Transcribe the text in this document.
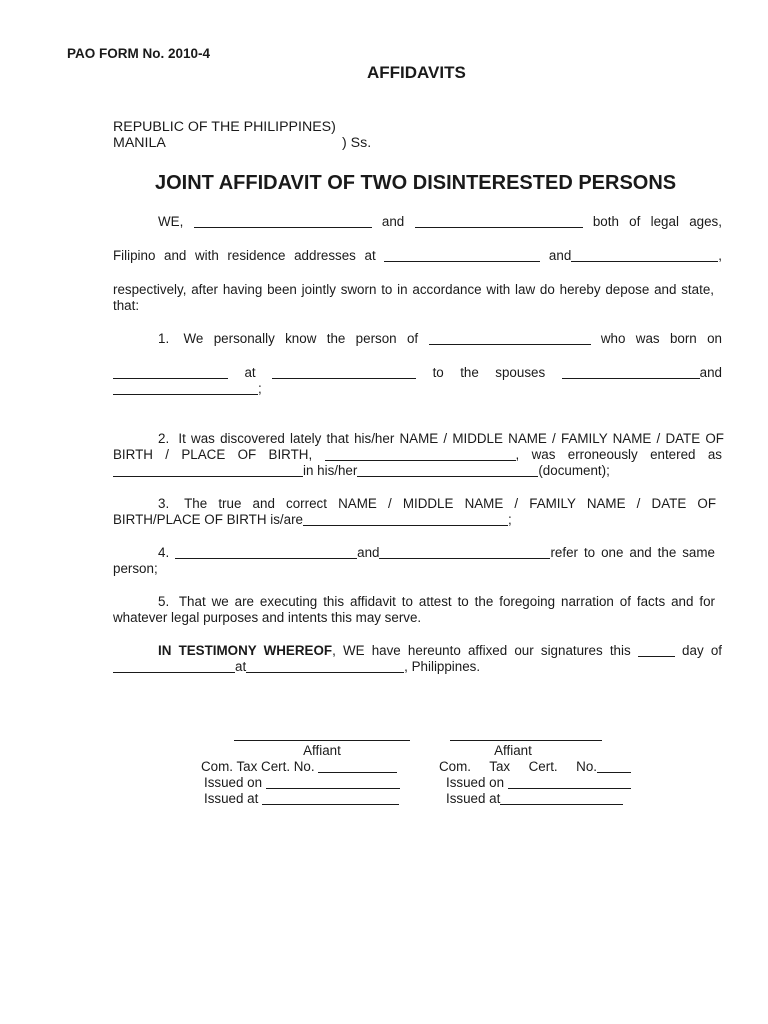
PAO FORM No. 2010-4
AFFIDAVITS
REPUBLIC OF THE PHILIPPINES)
MANILA	) Ss.
JOINT AFFIDAVIT OF TWO DISINTERESTED PERSONS
WE,	and	both of legal ages,
Filipino and with residence addresses at	and	,
respectively, after having been jointly sworn to in accordance with law do hereby depose and state,
that:
1. We personally know the person of	who was born on
at	to the spouses	and
;
2. It was discovered lately that his/her NAME / MIDDLE NAME / FAMILY NAME / DATE OF
BIRTH / PLACE OF BIRTH,	, was erroneously entered as
in his/her	(document);
3. The true and correct NAME / MIDDLE NAME / FAMILY NAME / DATE OF
BIRTH/PLACE OF BIRTH is/are	;
4.	and	refer to one and the same
person;
5. That we are executing this affidavit to attest to the foregoing narration of facts and for
whatever legal purposes and intents this may serve.
IN TESTIMONY WHEREOF, WE have hereunto affixed our signatures this	day of
at	, Philippines.
Affiant
Com. Tax Cert. No.
Issued on
Issued at
Affiant
Com. Tax Cert. No.
Issued on
Issued at
